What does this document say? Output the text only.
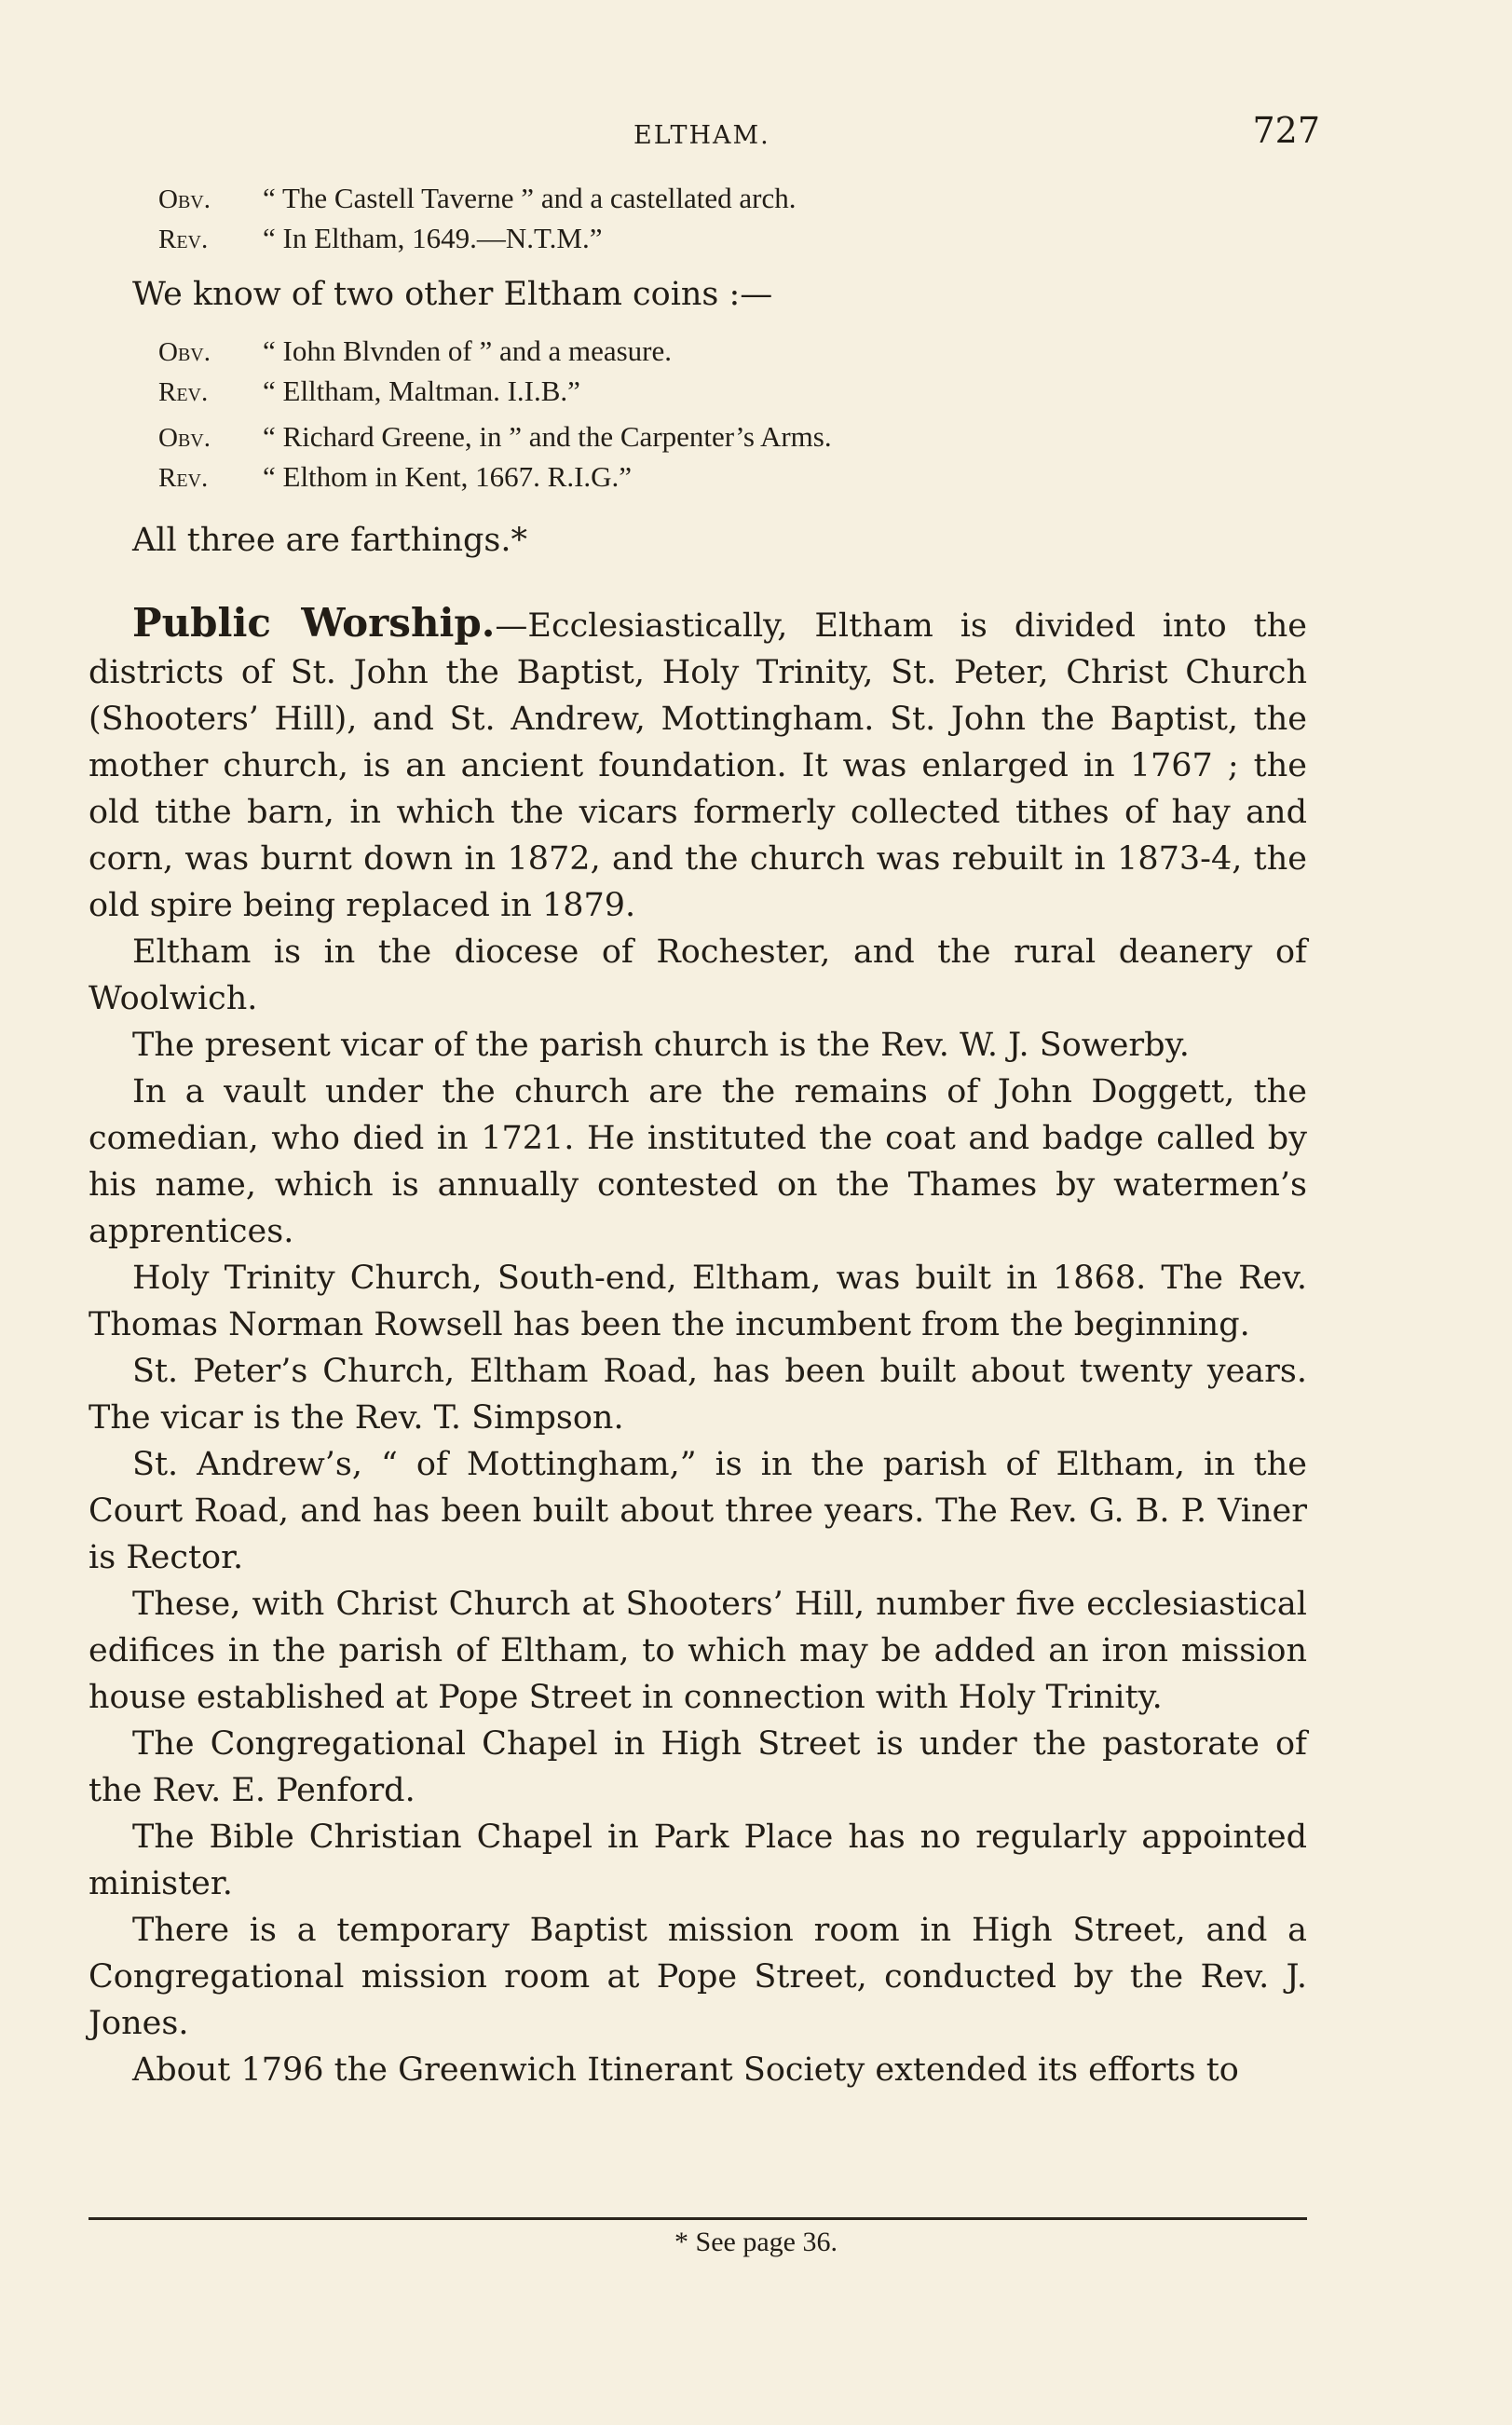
ELTHAM.	727
Obv.	“ The Castell Taverne ” and a castellated arch.
Rev.	“ In Eltham, 1649.—N.T.M.”

We know of two other Eltham coins :—

Obv.	“ Iohn Blvnden of ” and a measure.
Rev.	“ Elltham, Maltman. I.I.B.”
Obv.	“ Richard Greene, in ” and the Carpenter’s Arms.
Rev.	“ Elthom in Kent, 1667. R.I.G.”

All three are farthings.*

Public Worship.—Ecclesiastically, Eltham is divided into the districts of St. John the Baptist, Holy Trinity, St. Peter, Christ Church (Shooters’ Hill), and St. Andrew, Mottingham. St. John the Baptist, the mother church, is an ancient foundation. It was enlarged in 1767 ; the old tithe barn, in which the vicars formerly collected tithes of hay and corn, was burnt down in 1872, and the church was rebuilt in 1873-4, the old spire being replaced in 1879.

Eltham is in the diocese of Rochester, and the rural deanery of Woolwich.

The present vicar of the parish church is the Rev. W. J. Sowerby.

In a vault under the church are the remains of John Doggett, the comedian, who died in 1721. He instituted the coat and badge called by his name, which is annually contested on the Thames by watermen’s apprentices.

Holy Trinity Church, South-end, Eltham, was built in 1868. The Rev. Thomas Norman Rowsell has been the incumbent from the beginning.

St. Peter’s Church, Eltham Road, has been built about twenty years. The vicar is the Rev. T. Simpson.

St. Andrew’s, “ of Mottingham,” is in the parish of Eltham, in the Court Road, and has been built about three years. The Rev. G. B. P. Viner is Rector.

These, with Christ Church at Shooters’ Hill, number five ecclesiastical edifices in the parish of Eltham, to which may be added an iron mission house established at Pope Street in connection with Holy Trinity.

The Congregational Chapel in High Street is under the pastorate of the Rev. E. Penford.

The Bible Christian Chapel in Park Place has no regularly appointed minister.

There is a temporary Baptist mission room in High Street, and a Congregational mission room at Pope Street, conducted by the Rev. J. Jones.

About 1796 the Greenwich Itinerant Society extended its efforts to

* See page 36.
